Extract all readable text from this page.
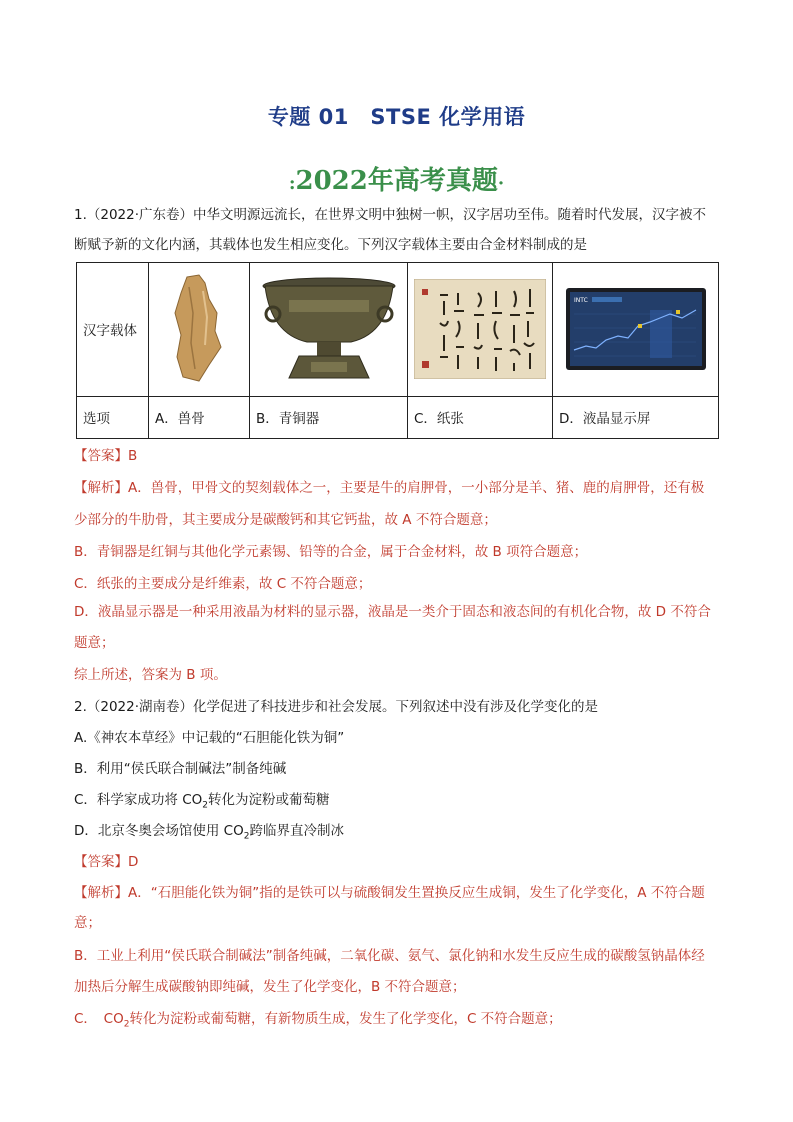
专题 01　STSE 化学用语
:2022年高考真题·
1.（2022·广东卷）中华文明源远流长，在世界文明中独树一帜，汉字居功至伟。随着时代发展，汉字被不
断赋予新的文化内涵，其载体也发生相应变化。下列汉字载体主要由合金材料制成的是
汉字载体				INTC

选项	A．兽骨	B．青铜器	C．纸张	D．液晶显示屏
【答案】B
【解析】A．兽骨，甲骨文的契刻载体之一，主要是牛的肩胛骨，一小部分是羊、猪、鹿的肩胛骨，还有极
少部分的牛肋骨，其主要成分是碳酸钙和其它钙盐，故 A 不符合题意；
B．青铜器是红铜与其他化学元素锡、铅等的合金，属于合金材料，故 B 项符合题意；
C．纸张的主要成分是纤维素，故 C 不符合题意；
D．液晶显示器是一种采用液晶为材料的显示器，液晶是一类介于固态和液态间的有机化合物，故 D 不符合
题意；
综上所述，答案为 B 项。
2.（2022·湖南卷）化学促进了科技进步和社会发展。下列叙述中没有涉及化学变化的是
A.《神农本草经》中记载的“石胆能化铁为铜”
B．利用“侯氏联合制碱法”制备纯碱
C．科学家成功将 $CO_2$转化为淀粉或葡萄糖
D．北京冬奥会场馆使用 $CO_2$跨临界直冷制冰
【答案】D
【解析】A．“石胆能化铁为铜”指的是铁可以与硫酸铜发生置换反应生成铜，发生了化学变化，A 不符合题
意；
B．工业上利用“侯氏联合制碱法”制备纯碱，二氧化碳、氨气、氯化钠和水发生反应生成的碳酸氢钠晶体经
加热后分解生成碳酸钠即纯碱，发生了化学变化，B 不符合题意；
C．　$CO_2$转化为淀粉或葡萄糖，有新物质生成，发生了化学变化，C 不符合题意；
